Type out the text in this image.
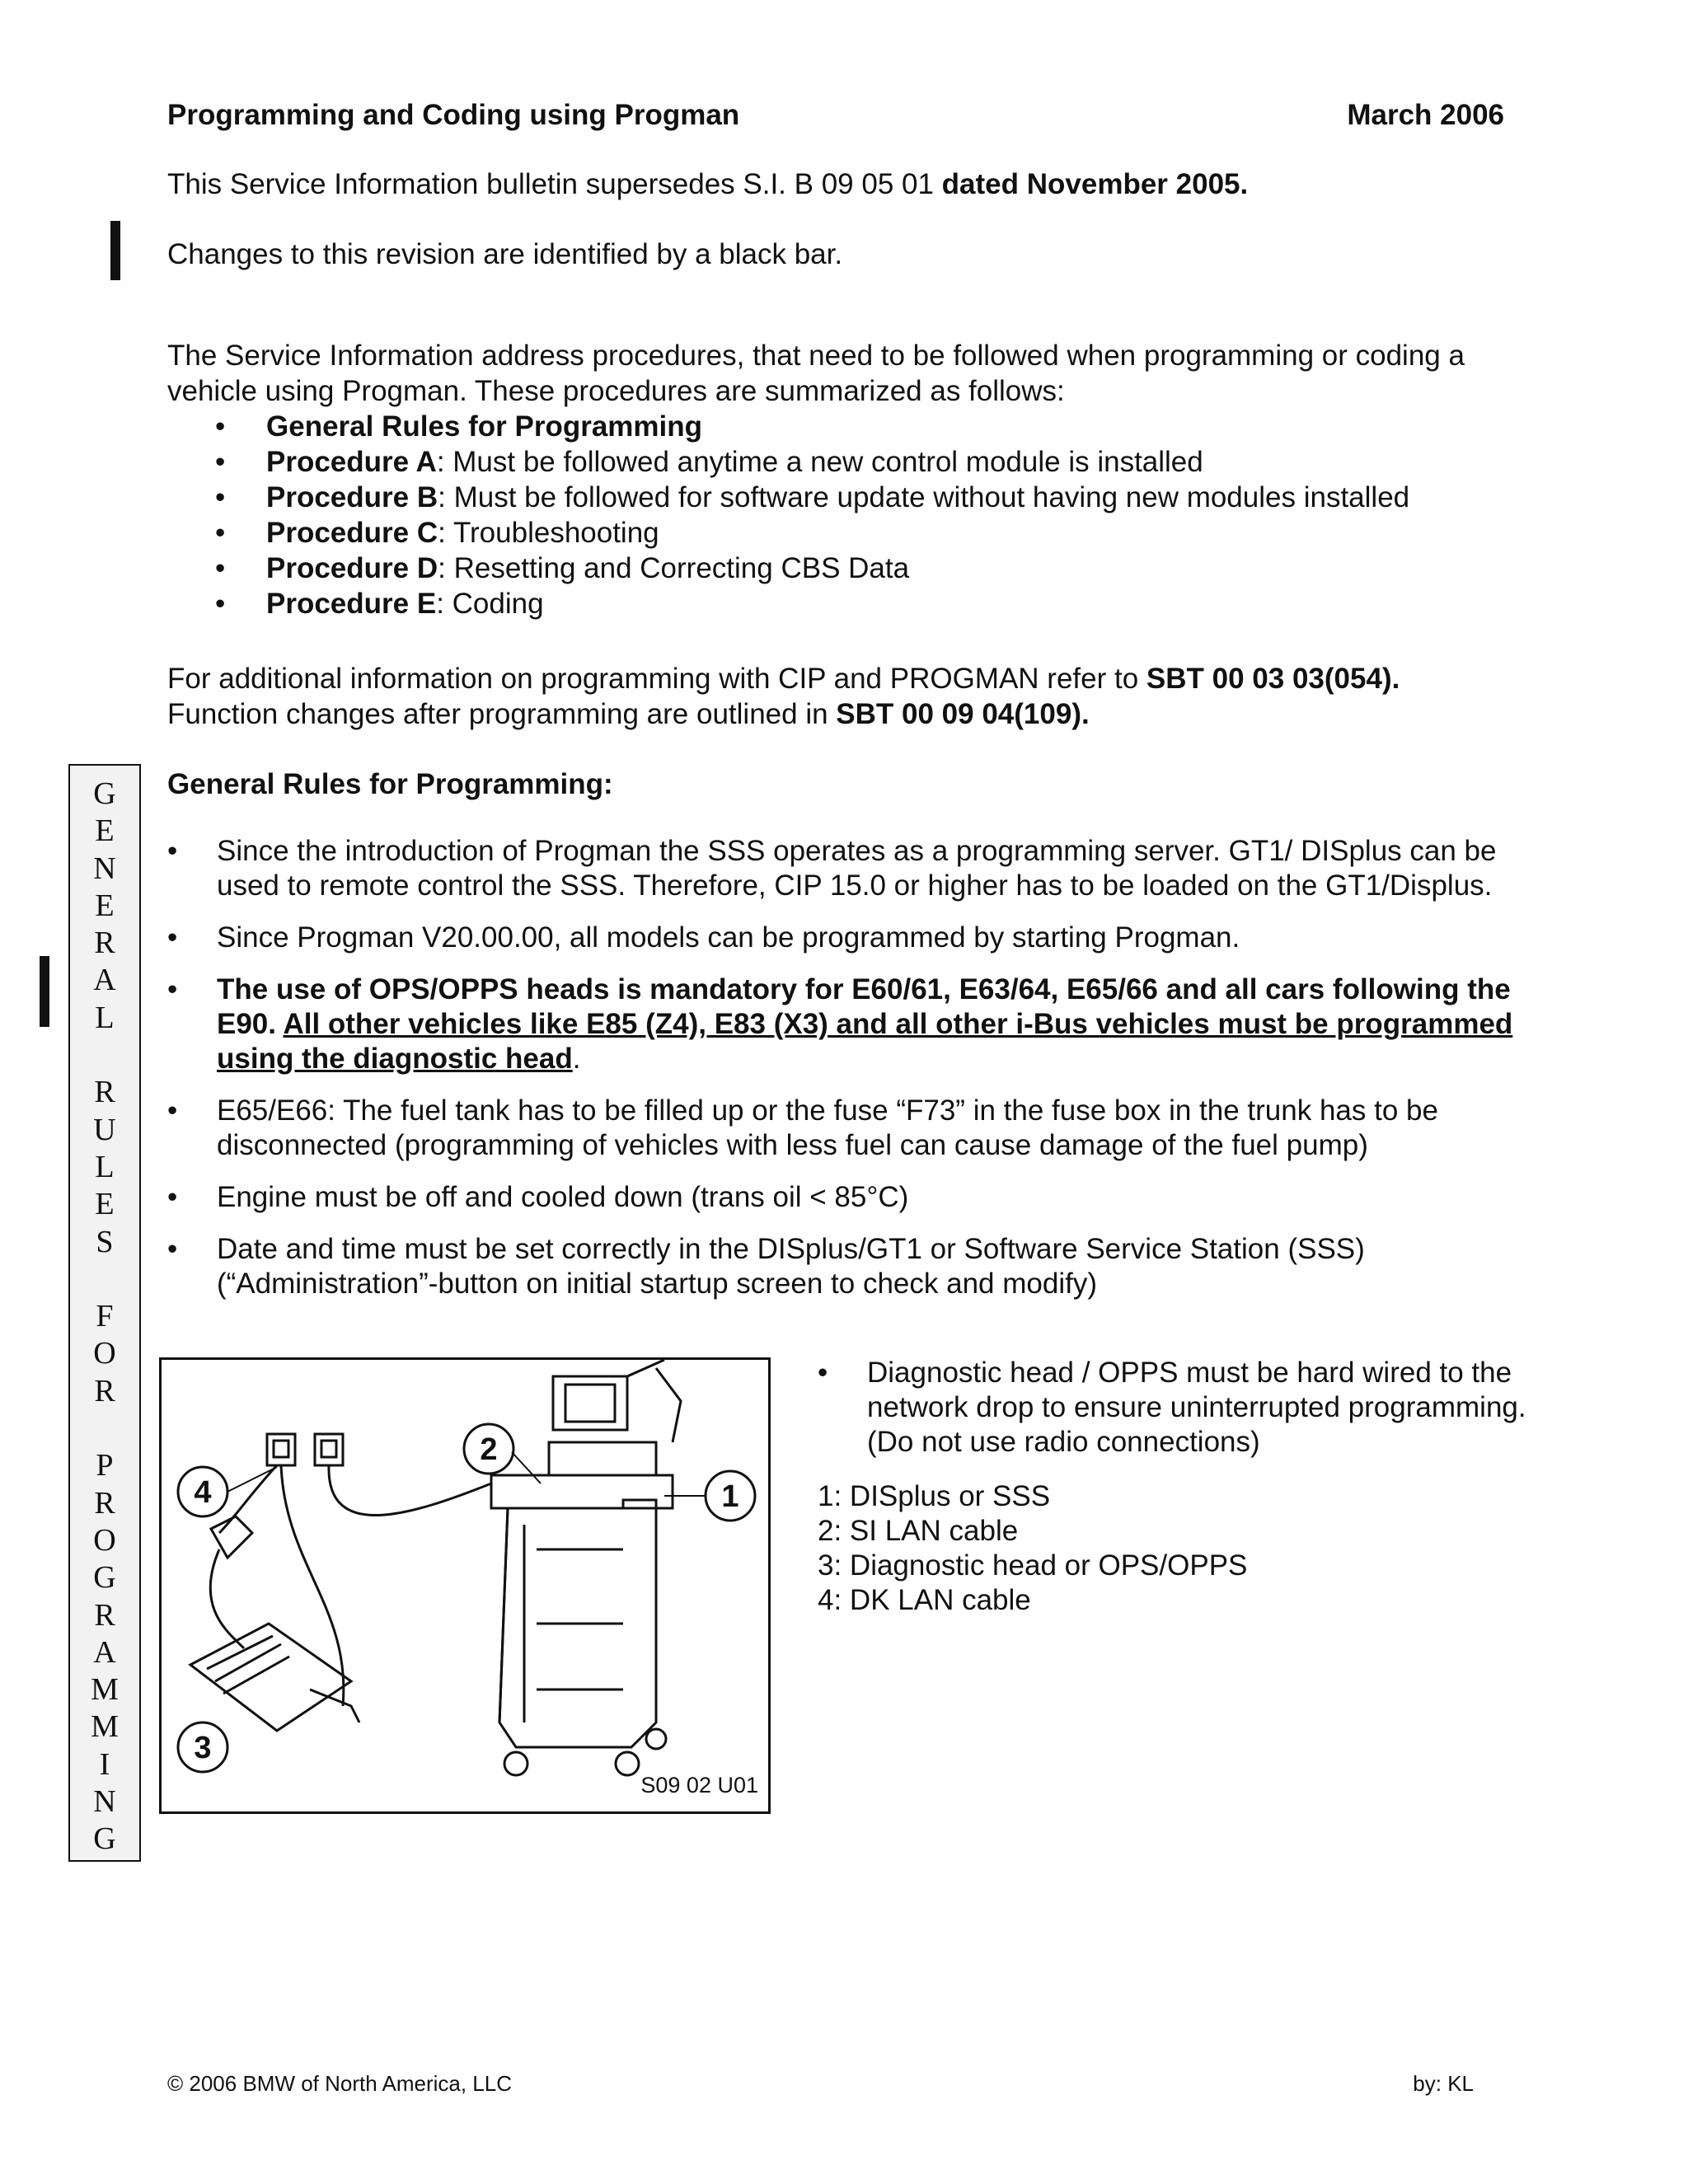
Programming and Coding using Progman	March 2006
This Service Information bulletin supersedes S.I. B 09 05 01 dated November 2005.
Changes to this revision are identified by a black bar.

The Service Information address procedures, that need to be followed when programming or coding a

vehicle using Progman. These procedures are summarized as follows:

• General Rules for Programming
• Procedure A: Must be followed anytime a new control module is installed
• Procedure B: Must be followed for software update without having new modules installed
• Procedure C: Troubleshooting
• Procedure D: Resetting and Correcting CBS Data
• Procedure E: Coding

For additional information on programming with CIP and PROGMAN refer to SBT 00 03 03(054).

Function changes after programming are outlined in SBT 00 09 04(109).

G
E
N
E
R
A
L
R
U
L
E
S
F
O
R
P
R
O
G
R
A
M
M
I
N
G
General Rules for Programming:
• Since the introduction of Progman the SSS operates as a programming server. GT1/ DISplus can be used to remote control the SSS. Therefore, CIP 15.0 or higher has to be loaded on the GT1/Displus.
• Since Progman V20.00.00, all models can be programmed by starting Progman.
• The use of OPS/OPPS heads is mandatory for E60/61, E63/64, E65/66 and all cars following the E90. All other vehicles like E85 (Z4), E83 (X3) and all other i-Bus vehicles must be programmed using the diagnostic head.
• E65/E66: The fuel tank has to be filled up or the fuse “F73” in the fuse box in the trunk has to be disconnected (programming of vehicles with less fuel can cause damage of the fuel pump)
• Engine must be off and cooled down (trans oil < 85°C)
• Date and time must be set correctly in the DISplus/GT1 or Software Service Station (SSS) (“Administration”-button on initial startup screen to check and modify)
2
1
4
3
S09 02 U01
•	Diagnostic head / OPPS must be hard wired to the network drop to ensure uninterrupted programming. (Do not use radio connections)
1: DISplus or SSS
2: SI LAN cable
3: Diagnostic head or OPS/OPPS
4: DK LAN cable
© 2006 BMW of North America, LLC	by: KL
